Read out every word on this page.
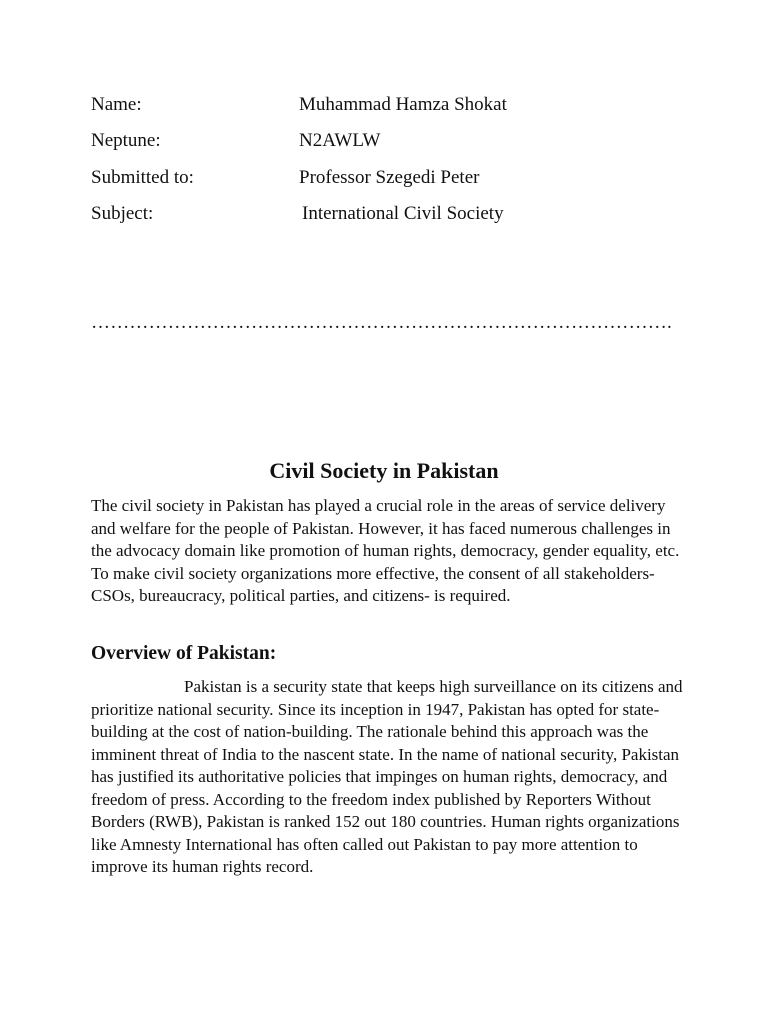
Name:	Muhammad Hamza Shokat
Neptune:	N2AWLW
Submitted to:	Professor Szegedi Peter
Subject:	International Civil Society
……………………………………………………………………………….
Civil Society in Pakistan

The civil society in Pakistan has played a crucial role in the areas of service delivery and welfare for the people of Pakistan. However, it has faced numerous challenges in the advocacy domain like promotion of human rights, democracy, gender equality, etc. To make civil society organizations more effective, the consent of all stakeholders- CSOs, bureaucracy, political parties, and citizens- is required.

Overview of Pakistan:

Pakistan is a security state that keeps high surveillance on its citizens and prioritize national security. Since its inception in 1947, Pakistan has opted for state-building at the cost of nation-building. The rationale behind this approach was the imminent threat of India to the nascent state. In the name of national security, Pakistan has justified its authoritative policies that impinges on human rights, democracy, and freedom of press. According to the freedom index published by Reporters Without Borders (RWB), Pakistan is ranked 152 out 180 countries. Human rights organizations like Amnesty International has often called out Pakistan to pay more attention to improve its human rights record.
